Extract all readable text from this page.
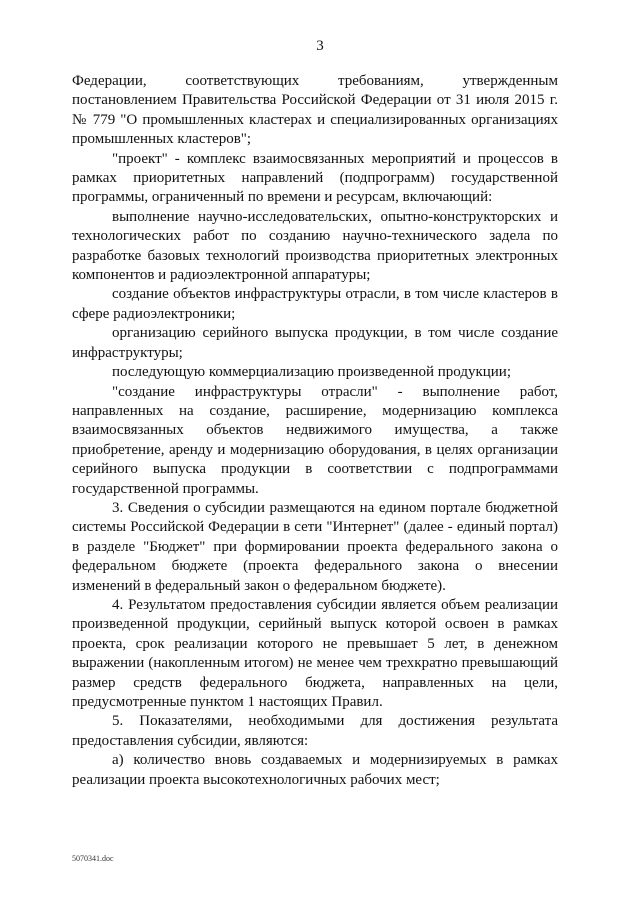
3

Федерации, соответствующих требованиям, утвержденным постановлением Правительства Российской Федерации от 31 июля 2015 г. № 779 "О промышленных кластерах и специализированных организациях промышленных кластеров";

"проект" - комплекс взаимосвязанных мероприятий и процессов в рамках приоритетных направлений (подпрограмм) государственной программы, ограниченный по времени и ресурсам, включающий:

выполнение научно-исследовательских, опытно-конструкторских и технологических работ по созданию научно-технического задела по разработке базовых технологий производства приоритетных электронных компонентов и радиоэлектронной аппаратуры;

создание объектов инфраструктуры отрасли, в том числе кластеров в сфере радиоэлектроники;

организацию серийного выпуска продукции, в том числе создание инфраструктуры;

последующую коммерциализацию произведенной продукции;

"создание инфраструктуры отрасли" - выполнение работ, направленных на создание, расширение, модернизацию комплекса взаимосвязанных объектов недвижимого имущества, а также приобретение, аренду и модернизацию оборудования, в целях организации серийного выпуска продукции в соответствии с подпрограммами государственной программы.

3. Сведения о субсидии размещаются на едином портале бюджетной системы Российской Федерации в сети "Интернет" (далее - единый портал) в разделе "Бюджет" при формировании проекта федерального закона о федеральном бюджете (проекта федерального закона о внесении изменений в федеральный закон о федеральном бюджете).

4. Результатом предоставления субсидии является объем реализации произведенной продукции, серийный выпуск которой освоен в рамках проекта, срок реализации которого не превышает 5 лет, в денежном выражении (накопленным итогом) не менее чем трехкратно превышающий размер средств федерального бюджета, направленных на цели, предусмотренные пунктом 1 настоящих Правил.

5. Показателями, необходимыми для достижения результата предоставления субсидии, являются:

а) количество вновь создаваемых и модернизируемых в рамках реализации проекта высокотехнологичных рабочих мест;

5070341.doc
